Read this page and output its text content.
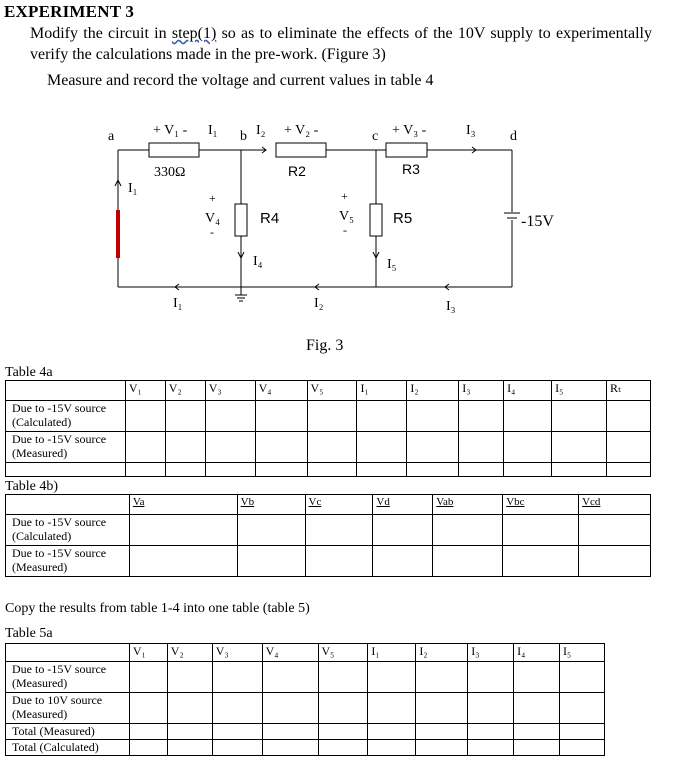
EXPERIMENT 3
Modify the circuit in step(1) so as to eliminate the effects of the 10V supply to experimentally verify the calculations made in the pre-work. (Figure 3)
Measure and record the voltage and current values in table 4
a	b	c	d
+ V₁ - I₁	I₂ + V₂ -	+ V₃ -	I₃
330Ω	R2	R3
R4	R5
+
V₄
-
+
V₅
-
I₁
I₄	I₅
I₁	I₂	I₃
-15V
Fig. 3
Table 4a
	V₁	V₂	V₃	V₄	V₅	I₁	I₂	I₃	I₄	I₅	Rₜ
Due to -15V source (Calculated)											
Due to -15V source (Measured)											

Table 4b)
	Va	Vb	Vc	Vd	Vab	Vbc	Vcd
Due to -15V source (Calculated)							
Due to -15V source (Measured)							
Copy the results from table 1-4 into one table (table 5)
Table 5a
	V₁	V₂	V₃	V₄	V₅	I₁	I₂	I₃	I₄	I₅
Due to -15V source (Measured)										
Due to 10V source (Measured)										
Total (Measured)										
Total (Calculated)										
